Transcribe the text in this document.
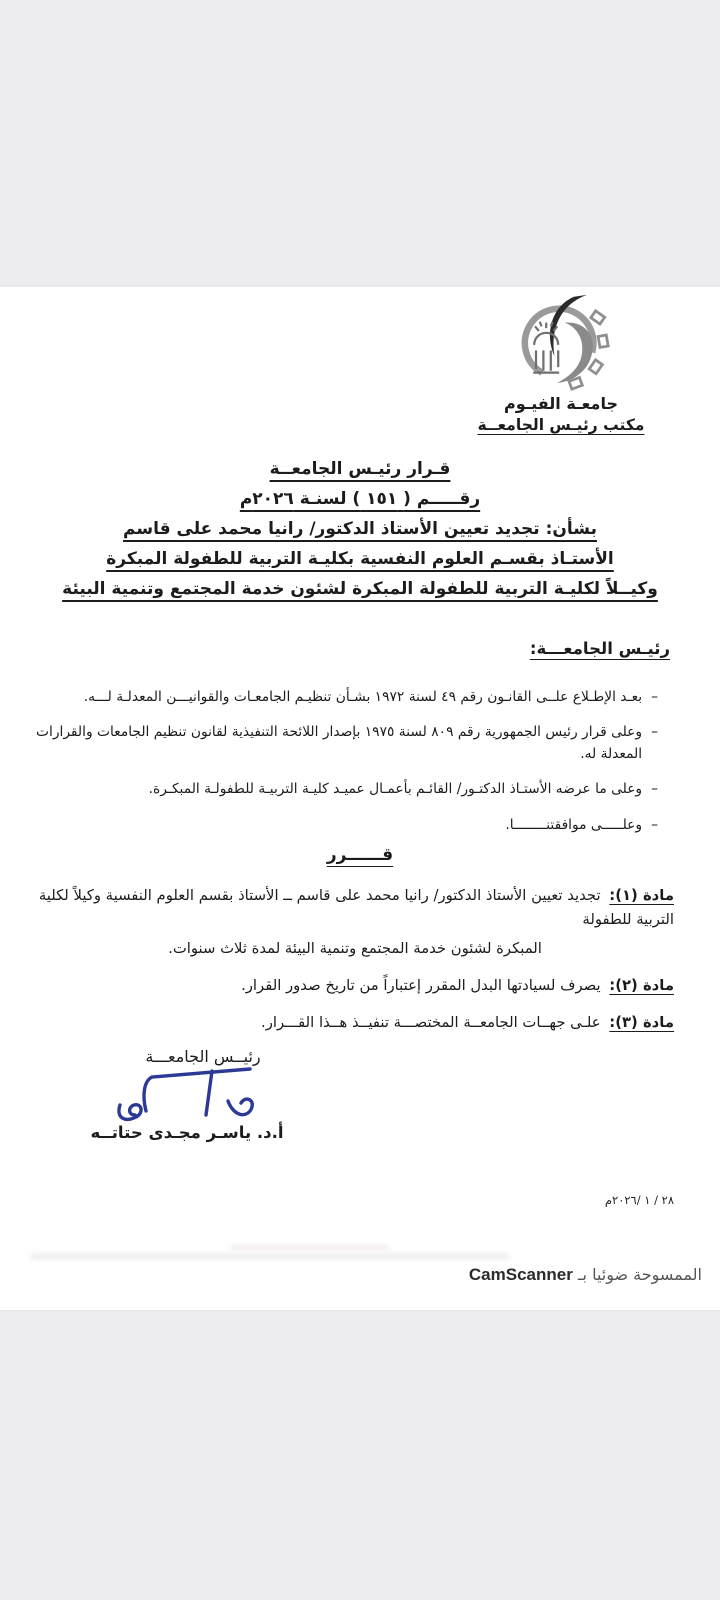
جامعـة الفيـوم
مكتب رئيـس الجامعــة
قـرار رئيـس الجامعــة
رقـــــم ( ١٥١ ) لسنـة ٢٠٢٦م
بشأن: تجديد تعيين الأستاذ الدكتور/ رانيا محمد على قاسم
الأستـاذ بقسـم العلوم النفسية بكليـة التربية للطفولة المبكرة
وكيــلاً لكليـة التربية للطفولة المبكرة لشئون خدمة المجتمع وتنمية البيئة
رئيـس الجامعـــة:
–
بعـد الإطـلاع علــى القانـون رقم ٤٩ لسنة ١٩٧٢ بشـأن تنظيـم الجامعـات والقوانيـــن المعدلـة لـــه.
–
وعلى قرار رئيس الجمهورية رقم ٨٠٩ لسنة ١٩٧٥ بإصدار اللائحة التنفيذية لقانون تنظيم الجامعات والقرارات المعدلة له.
–
وعلى ما عرضه الأستـاذ الدكتـور/ القائـم بأعمـال عميـد كليـة التربيـة للطفولـة المبكـرة.
–
وعلـــــى موافقتنــــــــا.
قــــــرر
مادة (١): تجديد تعيين الأستاذ الدكتور/ رانيا محمد على قاسم ــ الأستاذ بقسم العلوم النفسية وكيلاً لكلية التربية للطفولة
المبكرة لشئون خدمة المجتمع وتنمية البيئة لمدة ثلاث سنوات.
مادة (٢): يصرف لسيادتها البدل المقرر إعتباراً من تاريخ صدور القرار.
مادة (٣): علـى جهــات الجامعــة المختصـــة تنفيــذ هــذا القـــرار.
رئيــس الجامعـــة
أ.د. ياسـر مجـدى حتاتــه
٢٨ / ١ /٢٠٢٦م
الممسوحة ضوئيا بـ
CamScanner
